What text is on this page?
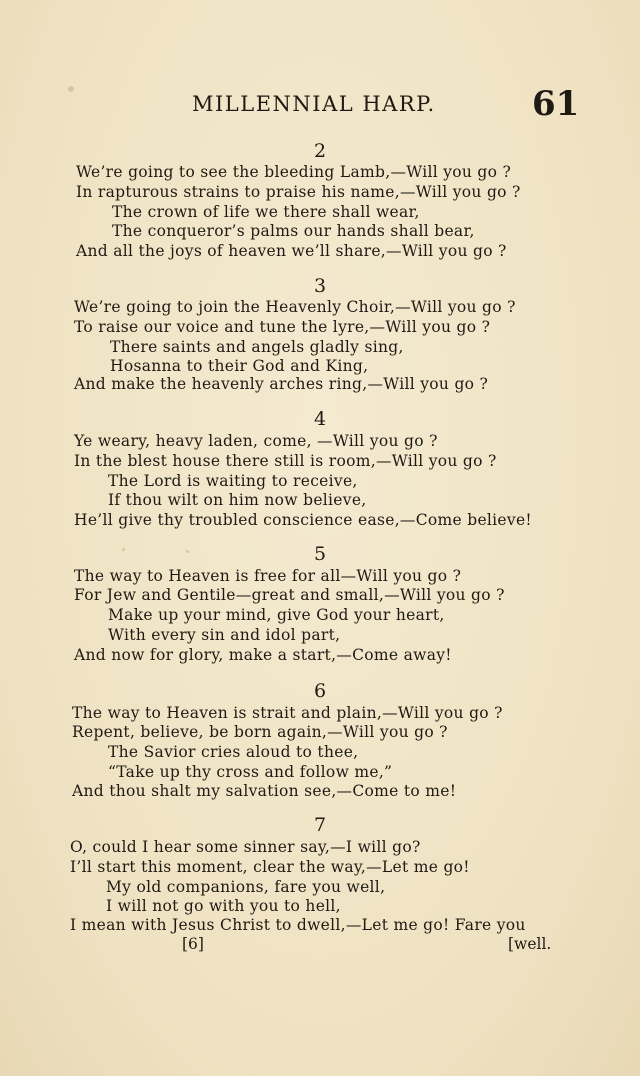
MILLENNIAL HARP.	61
2
We’re going to see the bleeding Lamb,—Will you go ?
In rapturous strains to praise his name,—Will you go ?
The crown of life we there shall wear,
The conqueror’s palms our hands shall bear,
And all the joys of heaven we’ll share,—Will you go ?
3
We’re going to join the Heavenly Choir,—Will you go ?
To raise our voice and tune the lyre,—Will you go ?
There saints and angels gladly sing,
Hosanna to their God and King,
And make the heavenly arches ring,—Will you go ?
4
Ye weary, heavy laden, come, —Will you go ?
In the blest house there still is room,—Will you go ?
The Lord is waiting to receive,
If thou wilt on him now believe,
He’ll give thy troubled conscience ease,—Come believe!
5
The way to Heaven is free for all—Will you go ?
For Jew and Gentile—great and small,—Will you go ?
Make up your mind, give God your heart,
With every sin and idol part,
And now for glory, make a start,—Come away!
6
The way to Heaven is strait and plain,—Will you go ?
Repent, believe, be born again,—Will you go ?
The Savior cries aloud to thee,
“Take up thy cross and follow me,”
And thou shalt my salvation see,—Come to me!
7
O, could I hear some sinner say,—I will go?
I’ll start this moment, clear the way,—Let me go!
My old companions, fare you well,
I will not go with you to hell,
I mean with Jesus Christ to dwell,—Let me go! Fare you
[6]	[well.
